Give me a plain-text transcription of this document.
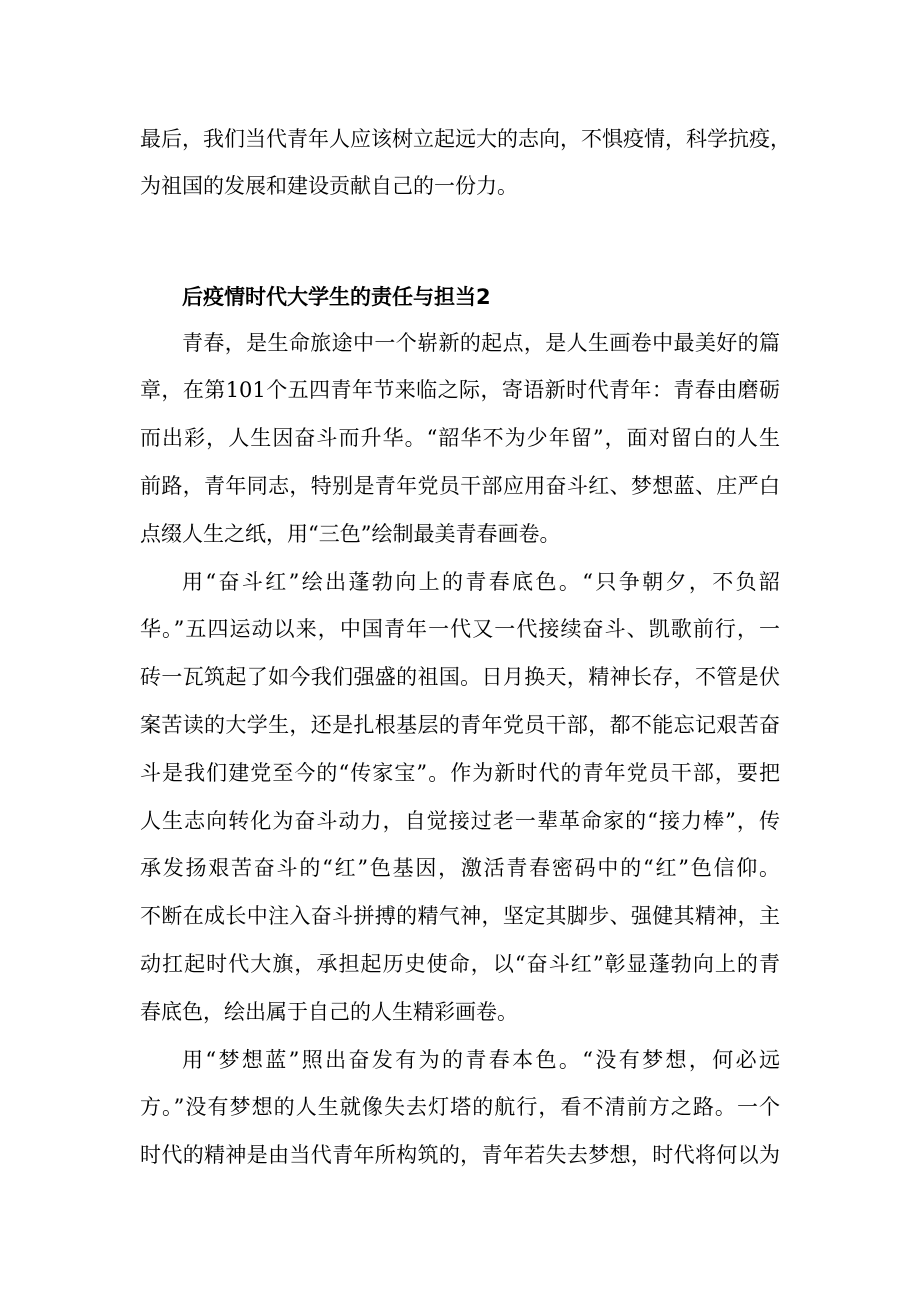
最后，我们当代青年人应该树立起远大的志向，不惧疫情，科学抗疫，
为祖国的发展和建设贡献自己的一份力。
后疫情时代大学生的责任与担当2
青春，是生命旅途中一个崭新的起点，是人生画卷中最美好的篇
章，在第101个五四青年节来临之际，寄语新时代青年：青春由磨砺
而出彩，人生因奋斗而升华。“韶华不为少年留”，面对留白的人生
前路，青年同志，特别是青年党员干部应用奋斗红、梦想蓝、庄严白
点缀人生之纸，用“三色”绘制最美青春画卷。
用“奋斗红”绘出蓬勃向上的青春底色。“只争朝夕，不负韶
华。”五四运动以来，中国青年一代又一代接续奋斗、凯歌前行，一
砖一瓦筑起了如今我们强盛的祖国。日月换天，精神长存，不管是伏
案苦读的大学生，还是扎根基层的青年党员干部，都不能忘记艰苦奋
斗是我们建党至今的“传家宝”。作为新时代的青年党员干部，要把
人生志向转化为奋斗动力，自觉接过老一辈革命家的“接力棒”，传
承发扬艰苦奋斗的“红”色基因，激活青春密码中的“红”色信仰。
不断在成长中注入奋斗拼搏的精气神，坚定其脚步、强健其精神，主
动扛起时代大旗，承担起历史使命，以“奋斗红”彰显蓬勃向上的青
春底色，绘出属于自己的人生精彩画卷。
用“梦想蓝”照出奋发有为的青春本色。“没有梦想，何必远
方。”没有梦想的人生就像失去灯塔的航行，看不清前方之路。一个
时代的精神是由当代青年所构筑的，青年若失去梦想，时代将何以为
